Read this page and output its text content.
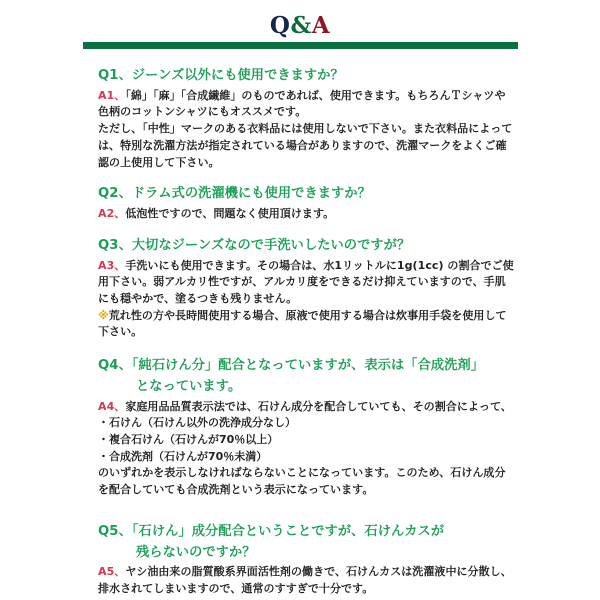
Q&A

Q1、ジーンズ以外にも使用できますか？

A1、「綿」「麻」「合成繊維」のものであれば、使用できます。もちろんＴシャツや色柄のコットンシャツにもオススメです。

ただし、「中性」マークのある衣料品には使用しないで下さい。また衣料品によっては、特別な洗濯方法が指定されている場合がありますので、洗濯マークをよくご確認の上使用して下さい。

Q2、ドラム式の洗濯機にも使用できますか？

A2、低泡性ですので、問題なく使用頂けます。

Q3、大切なジーンズなので手洗いしたいのですが？

A3、手洗いにも使用できます。その場合は、水1リットルに1g(1cc) の割合でご使用下さい。弱アルカリ性ですが、アルカリ度をできるだけ抑えていますので、手肌にも穏やかで、塗るつきも残りません。

※荒れ性の方や長時間使用する場合、原液で使用する場合は炊事用手袋を使用して下さい。

Q4、「純石けん分」配合となっていますが、表示は「合成洗剤」

となっています。

A4、家庭用品品質表示法では、石けん成分を配合していても、その割合によって、

・石けん（石けん以外の洗浄成分なし）

・複合石けん（石けんが70％以上）

・合成洗剤（石けんが70％未満）

のいずれかを表示しなければならないことになっています。このため、石けん成分を配合していても合成洗剤という表示になっています。

Q5、「石けん」成分配合ということですが、石けんカスが

残らないのですか？

A5、ヤシ油由来の脂質酸系界面活性剤の働きで、石けんカスは洗濯液中に分散し、排水されてしまいますので、通常のすすぎで十分です。
